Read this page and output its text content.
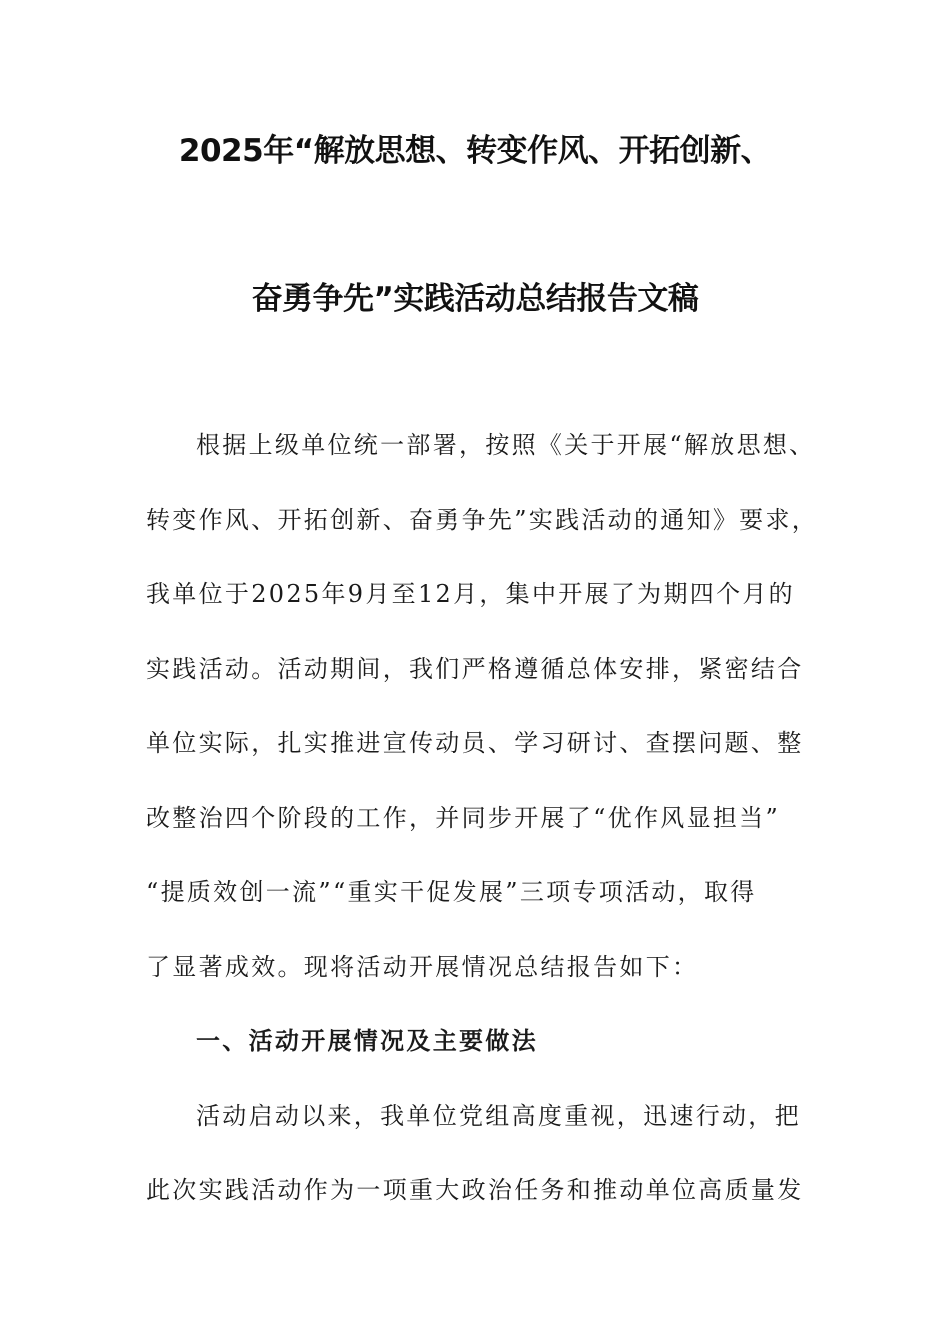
2025年“解放思想、转变作风、开拓创新、
奋勇争先”实践活动总结报告文稿
根据上级单位统一部署，按照《关于开展“解放思想、
转变作风、开拓创新、奋勇争先”实践活动的通知》要求，
我单位于2025年9月至12月，集中开展了为期四个月的
实践活动。活动期间，我们严格遵循总体安排，紧密结合
单位实际，扎实推进宣传动员、学习研讨、查摆问题、整
改整治四个阶段的工作，并同步开展了“优作风显担当”
“提质效创一流”“重实干促发展”三项专项活动，取得
了显著成效。现将活动开展情况总结报告如下：
一、活动开展情况及主要做法
活动启动以来，我单位党组高度重视，迅速行动，把
此次实践活动作为一项重大政治任务和推动单位高质量发
